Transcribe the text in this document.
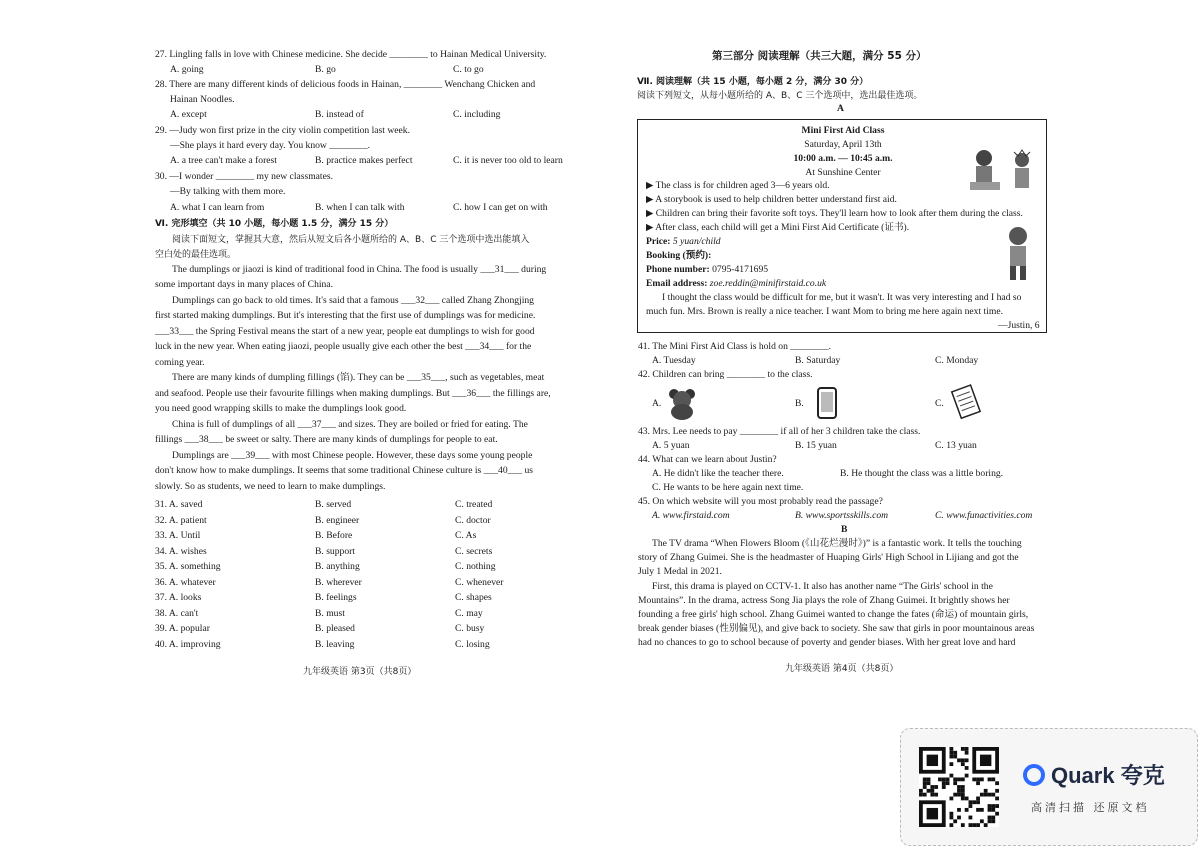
27. Lingling falls in love with Chinese medicine. She decide ________ to Hainan Medical University.
A. going	B. go	C. to go
28. There are many different kinds of delicious foods in Hainan, ________ Wenchang Chicken and
Hainan Noodles.
A. except	B. instead of	C. including
29. —Judy won first prize in the city violin competition last week.
—She plays it hard every day. You know ________.
A. a tree can't make a forest	B. practice makes perfect	C. it is never too old to learn
30. —I wonder ________ my new classmates.
—By talking with them more.
A. what I can learn from	B. when I can talk with	C. how I can get on with
Ⅵ. 完形填空（共 10 小题，每小题 1.5 分，满分 15 分）
阅读下面短文，掌握其大意，然后从短文后各小题所给的 A、B、C 三个选项中选出能填入
空白处的最佳选项。
The dumplings or jiaozi is kind of traditional food in China. The food is usually ___31___ during
some important days in many places of China.
Dumplings can go back to old times. It's said that a famous ___32___ called Zhang Zhongjing
first started making dumplings. But it's interesting that the first use of dumplings was for medicine.
___33___ the Spring Festival means the start of a new year, people eat dumplings to wish for good
luck in the new year. When eating jiaozi, people usually give each other the best ___34___ for the
coming year.
There are many kinds of dumpling fillings (馅). They can be ___35___, such as vegetables, meat
and seafood. People use their favourite fillings when making dumplings. But ___36___ the fillings are,
you need good wrapping skills to make the dumplings look good.
China is full of dumplings of all ___37___ and sizes. They are boiled or fried for eating. The
fillings ___38___ be sweet or salty. There are many kinds of dumplings for people to eat.
Dumplings are ___39___ with most Chinese people. However, these days some young people
don't know how to make dumplings. It seems that some traditional Chinese culture is ___40___ us
slowly. So as students, we need to learn to make dumplings.
31. A. saved	B. served	C. treated
32. A. patient	B. engineer	C. doctor
33. A. Until	B. Before	C. As
34. A. wishes	B. support	C. secrets
35. A. something	B. anything	C. nothing
36. A. whatever	B. wherever	C. whenever
37. A. looks	B. feelings	C. shapes
38. A. can't	B. must	C. may
39. A. popular	B. pleased	C. busy
40. A. improving	B. leaving	C. losing
九年级英语 第3页（共8页）
第三部分 阅读理解（共三大题，满分 55 分）
Ⅶ. 阅读理解（共 15 小题，每小题 2 分，满分 30 分）
阅读下列短文，从每小题所给的 A、B、C 三个选项中，选出最佳选项。
A
Mini First Aid Class
Saturday, April 13th
10:00 a.m. — 10:45 a.m.
At Sunshine Center
▶ The class is for children aged 3—6 years old.
▶ A storybook is used to help children better understand first aid.
▶ Children can bring their favorite soft toys. They'll learn how to look after them during the class.
▶ After class, each child will get a Mini First Aid Certificate (证书).
Price: 5 yuan/child
Booking (预约):
Phone number: 0795-4171695
Email address: zoe.reddin@minifirstaid.co.uk
I thought the class would be difficult for me, but it wasn't. It was very interesting and I had so
much fun. Mrs. Brown is really a nice teacher. I want Mom to bring me here again next time.
—Justin, 6
41. The Mini First Aid Class is hold on ________.
A. Tuesday	B. Saturday	C. Monday
42. Children can bring ________ to the class.
A.	B.	C.
43. Mrs. Lee needs to pay ________ if all of her 3 children take the class.
A. 5 yuan	B. 15 yuan	C. 13 yuan
44. What can we learn about Justin?
A. He didn't like the teacher there.	B. He thought the class was a little boring.
C. He wants to be here again next time.
45. On which website will you most probably read the passage?
A. www.firstaid.com	B. www.sportsskills.com	C. www.funactivities.com
B
The TV drama “When Flowers Bloom (《山花烂漫时》)” is a fantastic work. It tells the touching
story of Zhang Guimei. She is the headmaster of Huaping Girls' High School in Lijiang and got the
July 1 Medal in 2021.
First, this drama is played on CCTV-1. It also has another name “The Girls' school in the
Mountains”. In the drama, actress Song Jia plays the role of Zhang Guimei. It brightly shows her
founding a free girls' high school. Zhang Guimei wanted to change the fates (命运) of mountain girls,
break gender biases (性别偏见), and give back to society. She saw that girls in poor mountainous areas
had no chances to go to school because of poverty and gender biases. With her great love and hard
九年级英语 第4页（共8页）
Quark 夸克
高清扫描 还原文档
